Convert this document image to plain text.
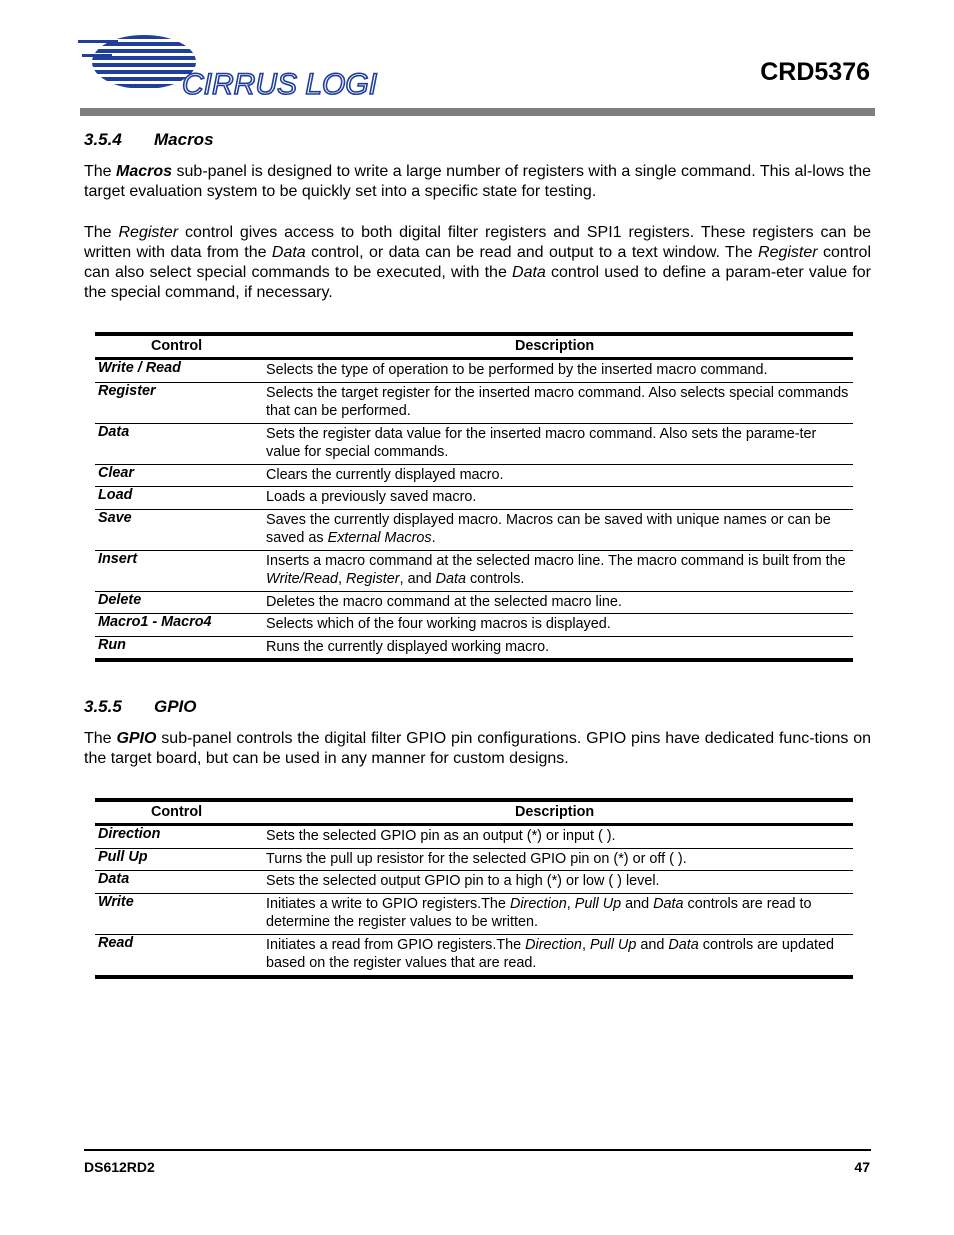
CIRRUS LOGIC	CRD5376
3.5.4 Macros
The Macros sub-panel is designed to write a large number of registers with a single command. This al-lows the target evaluation system to be quickly set into a specific state for testing.
The Register control gives access to both digital filter registers and SPI1 registers. These registers can be written with data from the Data control, or data can be read and output to a text window. The Register control can also select special commands to be executed, with the Data control used to define a param-eter value for the special command, if necessary.
Control	Description
Write / Read	Selects the type of operation to be performed by the inserted macro command.
Register	Selects the target register for the inserted macro command. Also selects special commands that can be performed.
Data	Sets the register data value for the inserted macro command. Also sets the parame-ter value for special commands.
Clear	Clears the currently displayed macro.
Load	Loads a previously saved macro.
Save	Saves the currently displayed macro. Macros can be saved with unique names or can be saved as External Macros.
Insert	Inserts a macro command at the selected macro line. The macro command is built from the Write/Read, Register, and Data controls.
Delete	Deletes the macro command at the selected macro line.
Macro1 - Macro4	Selects which of the four working macros is displayed.
Run	Runs the currently displayed working macro.
3.5.5 GPIO
The GPIO sub-panel controls the digital filter GPIO pin configurations. GPIO pins have dedicated func-tions on the target board, but can be used in any manner for custom designs.
Control	Description
Direction	Sets the selected GPIO pin as an output (*) or input ( ).
Pull Up	Turns the pull up resistor for the selected GPIO pin on (*) or off ( ).
Data	Sets the selected output GPIO pin to a high (*) or low ( ) level.
Write	Initiates a write to GPIO registers.The Direction, Pull Up and Data controls are read to determine the register values to be written.
Read	Initiates a read from GPIO registers.The Direction, Pull Up and Data controls are updated based on the register values that are read.
DS612RD2	47
